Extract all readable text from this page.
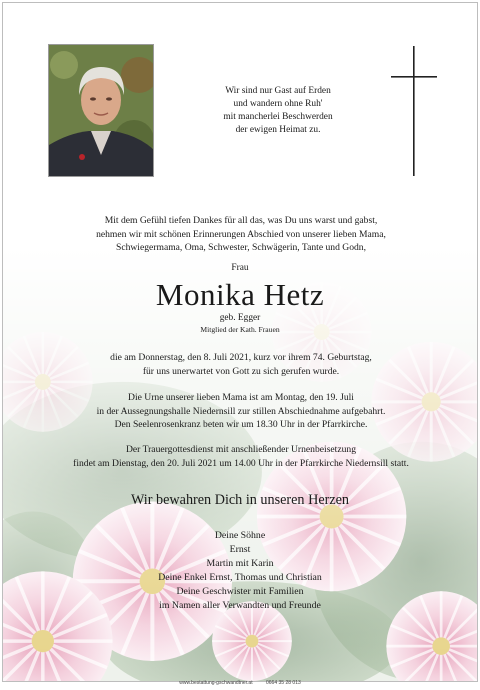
Wir sind nur Gast auf Erden
und wandern ohne Ruh'
mit mancherlei Beschwerden
der ewigen Heimat zu.
Mit dem Gefühl tiefen Dankes für all das, was Du uns warst und gabst,
nehmen wir mit schönen Erinnerungen Abschied von unserer lieben Mama,
Schwiegermama, Oma, Schwester, Schwägerin, Tante und Godn,
Frau
Monika Hetz
geb. Egger
Mitglied der Kath. Frauen
die am Donnerstag, den 8. Juli 2021, kurz vor ihrem 74. Geburtstag,
für uns unerwartet von Gott zu sich gerufen wurde.
Die Urne unserer lieben Mama ist am Montag, den 19. Juli
in der Aussegnungshalle Niedernsill zur stillen Abschiednahme aufgebahrt.
Den Seelenrosenkranz beten wir um 18.30 Uhr in der Pfarrkirche.
Der Trauergottesdienst mit anschließender Urnenbeisetzung
findet am Dienstag, den 20. Juli 2021 um 14.00 Uhr in der Pfarrkirche Niedernsill statt.
Wir bewahren Dich in unseren Herzen
Deine Söhne
Ernst
Martin mit Karin
Deine Enkel Ernst, Thomas und Christian
Deine Geschwister mit Familien
im Namen aller Verwandten und Freunde
www.bestattung-gschwandtner.at	0664 35 28 013
